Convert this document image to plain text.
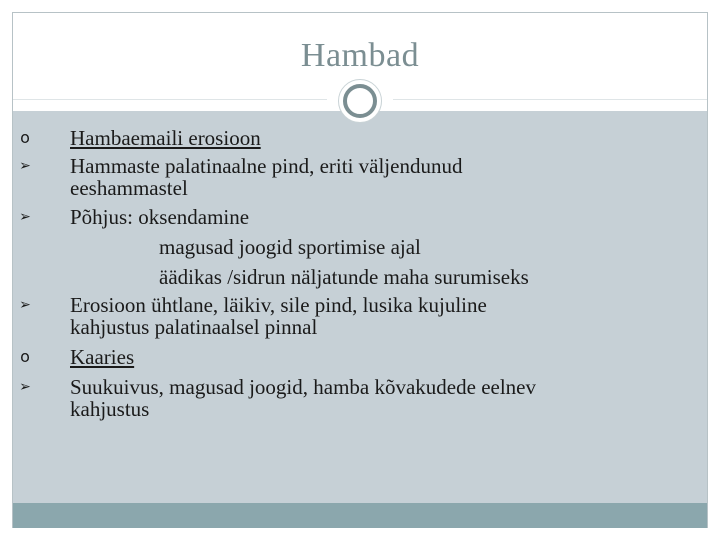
Hambad
o Hambaemaili erosioon
➢ Hammaste palatinaalne pind, eriti väljendunud
eeshammastel
➢ Põhjus: oksendamine
magusad joogid sportimise ajal
äädikas /sidrun näljatunde maha surumiseks
➢ Erosioon ühtlane, läikiv, sile pind, lusika kujuline
kahjustus palatinaalsel pinnal
o Kaaries
➢ Suukuivus, magusad joogid, hamba kõvakudede eelnev
kahjustus
